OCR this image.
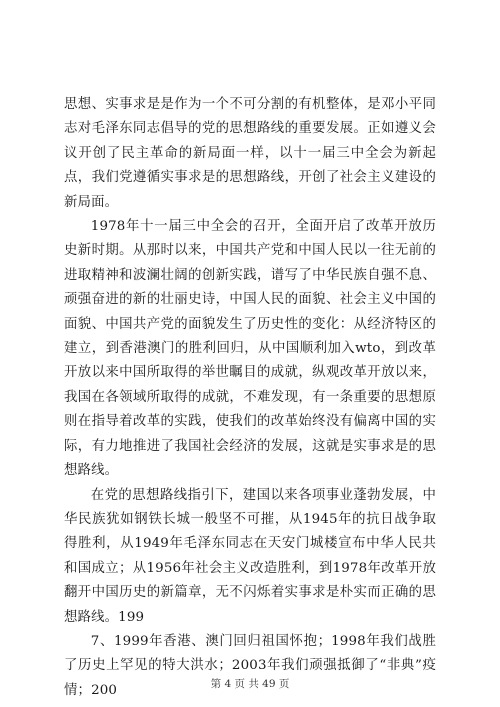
思想、实事求是是作为一个不可分割的有机整体，是邓小平同志对毛泽东同志倡导的党的思想路线的重要发展。正如遵义会议开创了民主革命的新局面一样，以十一届三中全会为新起点，我们党遵循实事求是的思想路线，开创了社会主义建设的新局面。

1978年十一届三中全会的召开，全面开启了改革开放历史新时期。从那时以来，中国共产党和中国人民以一往无前的进取精神和波澜壮阔的创新实践，谱写了中华民族自强不息、顽强奋进的新的壮丽史诗，中国人民的面貌、社会主义中国的面貌、中国共产党的面貌发生了历史性的变化：从经济特区的建立，到香港澳门的胜利回归，从中国顺利加入wto，到改革开放以来中国所取得的举世瞩目的成就，纵观改革开放以来，我国在各领域所取得的成就，不难发现，有一条重要的思想原则在指导着改革的实践，使我们的改革始终没有偏离中国的实际，有力地推进了我国社会经济的发展，这就是实事求是的思想路线。

在党的思想路线指引下，建国以来各项事业蓬勃发展，中华民族犹如钢铁长城一般坚不可摧，从1945年的抗日战争取得胜利，从1949年毛泽东同志在天安门城楼宣布中华人民共和国成立；从1956年社会主义改造胜利，到1978年改革开放翻开中国历史的新篇章，无不闪烁着实事求是朴实而正确的思想路线。199

7、1999年香港、澳门回归祖国怀抱；1998年我们战胜了历史上罕见的特大洪水；2003年我们顽强抵御了“非典”疫情；200	第 4 页 共 49 页
